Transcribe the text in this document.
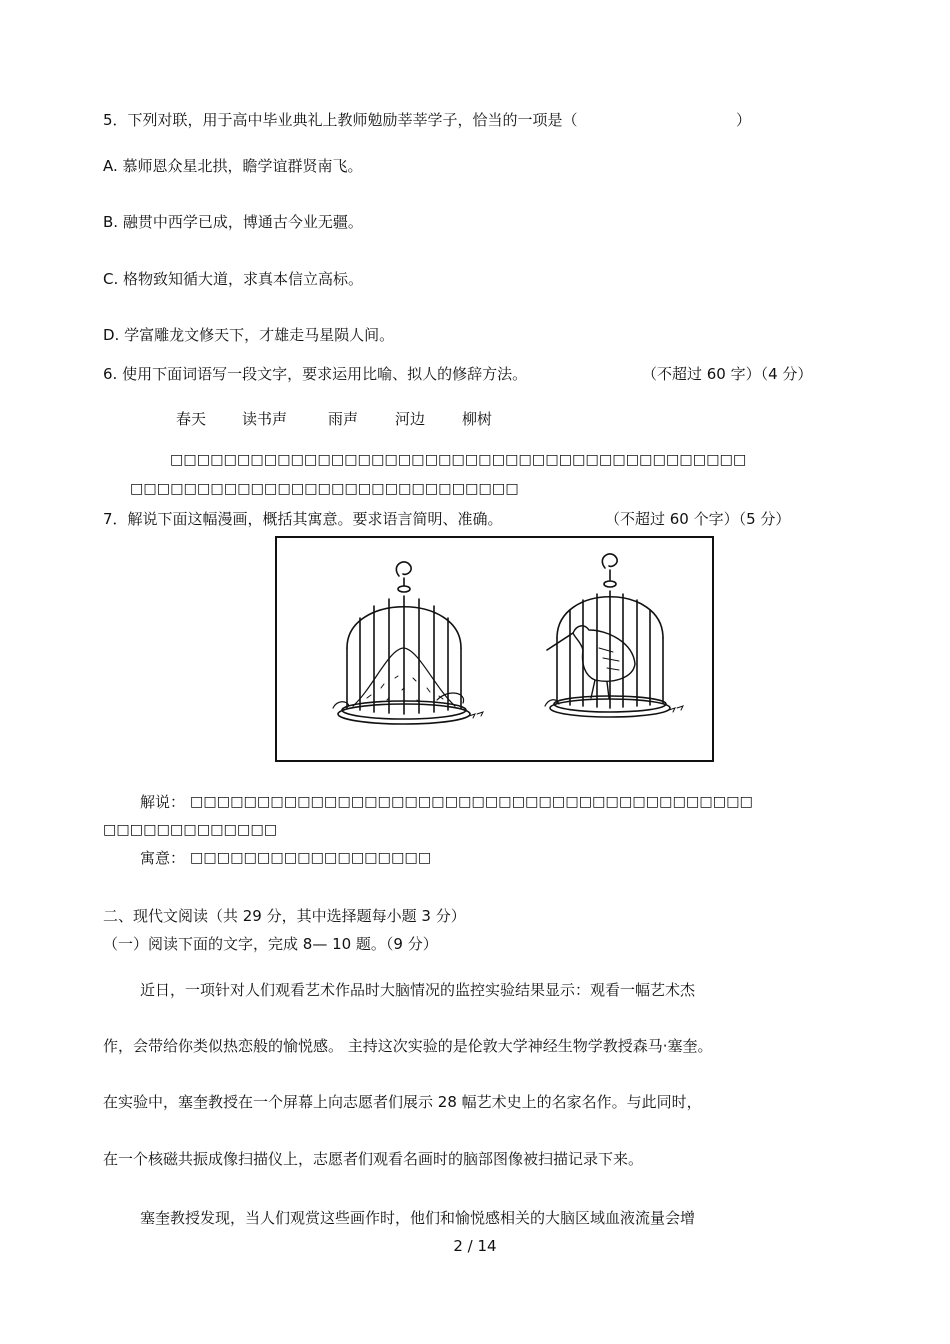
5．下列对联，用于高中毕业典礼上教师勉励莘莘学子，恰当的一项是（	）
A. 慕师恩众星北拱，瞻学谊群贤南飞。
B. 融贯中西学已成，博通古今业无疆。
C. 格物致知循大道，求真本信立高标。
D. 学富雕龙文修天下，才雄走马星陨人间。
6. 使用下面词语写一段文字，要求运用比喻、拟人的修辞方法。	（不超过 60 字）（4 分）
春天 读书声	雨声 河边 柳树
□□□□□□□□□□□□□□□□□□□□□□□□□□□□□□□□□□□□□□□□□□□
□□□□□□□□□□□□□□□□□□□□□□□□□□□□□
7．解说下面这幅漫画，概括其寓意。要求语言简明、准确。	（不超过 60 个字）（5 分）
解说： □□□□□□□□□□□□□□□□□□□□□□□□□□□□□□□□□□□□□□□□□□
□□□□□□□□□□□□□
寓意： □□□□□□□□□□□□□□□□□□
二、现代文阅读（共 29 分，其中选择题每小题 3 分）
（一）阅读下面的文字，完成 8— 10 题。（9 分）
近日，一项针对人们观看艺术作品时大脑情况的监控实验结果显示：观看一幅艺术杰
作，会带给你类似热恋般的愉悦感。 主持这次实验的是伦敦大学神经生物学教授森马·塞奎。
在实验中，塞奎教授在一个屏幕上向志愿者们展示 28 幅艺术史上的名家名作。与此同时，
在一个核磁共振成像扫描仪上，志愿者们观看名画时的脑部图像被扫描记录下来。
塞奎教授发现，当人们观赏这些画作时，他们和愉悦感相关的大脑区域血液流量会增
2 / 14
